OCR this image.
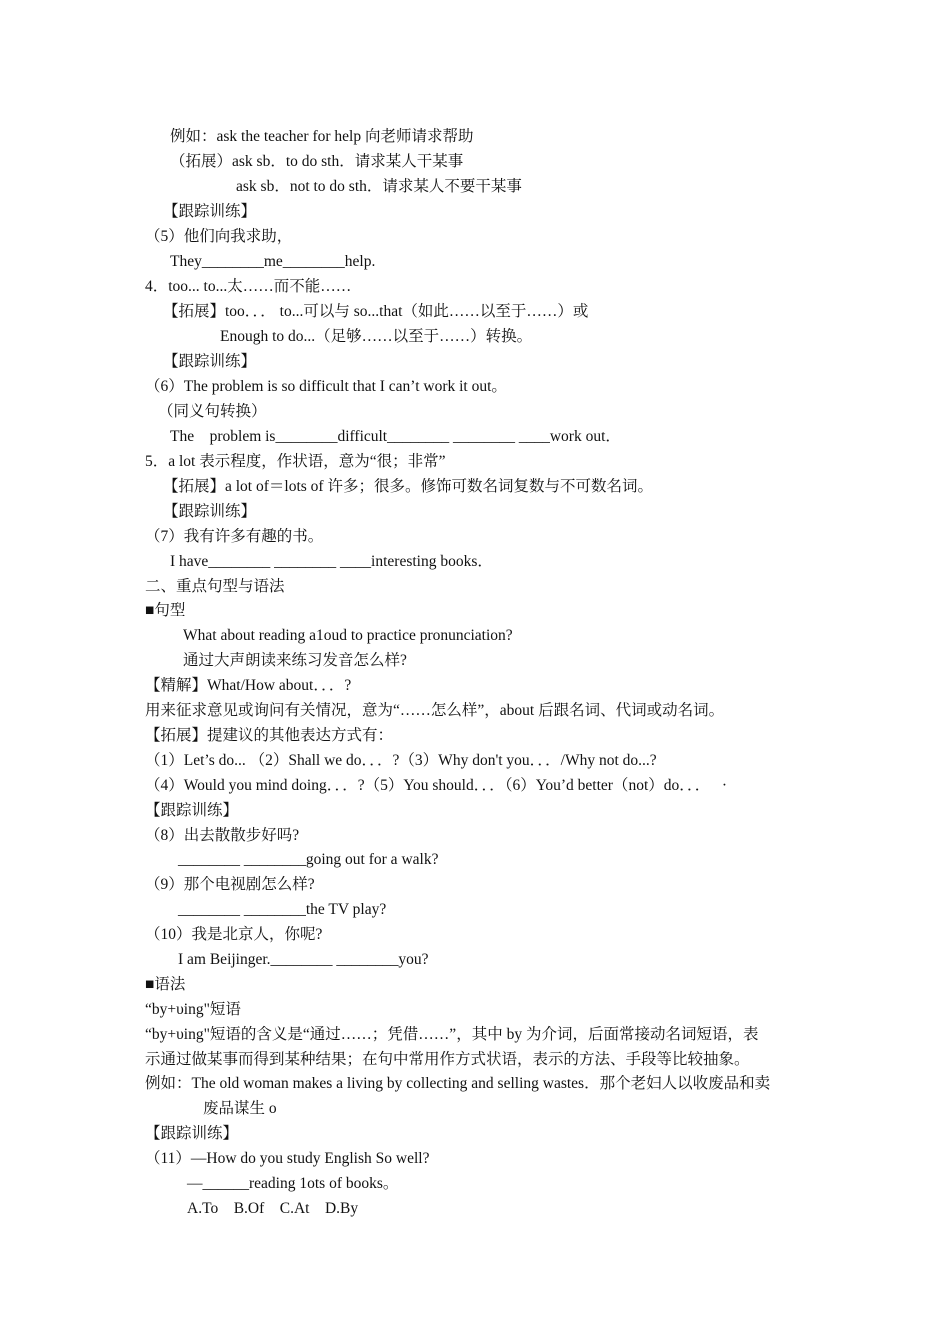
例如：ask the teacher for help 向老师请求帮助
（拓展）ask sb．to do sth．请求某人干某事
ask sb．not to do sth．请求某人不要干某事
【跟踪训练】
（5）他们向我求助，
They________me________help.
4．too... to...太……而不能……
【拓展】too．．． to...可以与 so...that（如此……以至于……）或
Enough to do...（足够……以至于……）转换。
【跟踪训练】
（6）The problem is so difficult that I can’t work it out。
（同义句转换）
The    problem is________difficult________ ________ ____work out．
5．a lot 表示程度，作状语，意为“很；非常”
【拓展】a lot of＝lots of 许多；很多。修饰可数名词复数与不可数名词。
【跟踪训练】
（7）我有许多有趣的书。
I have________ ________ ____interesting books．
二、重点句型与语法
■句型
What about reading a1oud to practice pronunciation?
通过大声朗读来练习发音怎么样?
【精解】What/How about．．．?
用来征求意见或询问有关情况，意为“……怎么样”，about 后跟名词、代词或动名词。
【拓展】提建议的其他表达方式有：
（1）Let’s do... （2）Shall we do．．．?（3）Why don't you．．．/Why not do...?
（4）Would you mind doing．．．?（5）You should．．．（6）You’d better（not）do．．．   ·
【跟踪训练】
（8）出去散散步好吗?
________ ________going out for a walk?
（9）那个电视剧怎么样?
________ ________the TV play?
（10）我是北京人，你呢?
I am Beijinger.________ ________you?
■语法
“by+υing"短语
“by+υing"短语的含义是“通过……；凭借……”，其中 by 为介词，后面常接动名词短语，表
示通过做某事而得到某种结果；在句中常用作方式状语，表示的方法、手段等比较抽象。
例如：The old woman makes a living by collecting and selling wastes．那个老妇人以收废品和卖
废品谋生 o
【跟踪训练】
（11）—How do you study English So well?
—______reading 1ots of books。
A.To    B.Of    C.At    D.By
